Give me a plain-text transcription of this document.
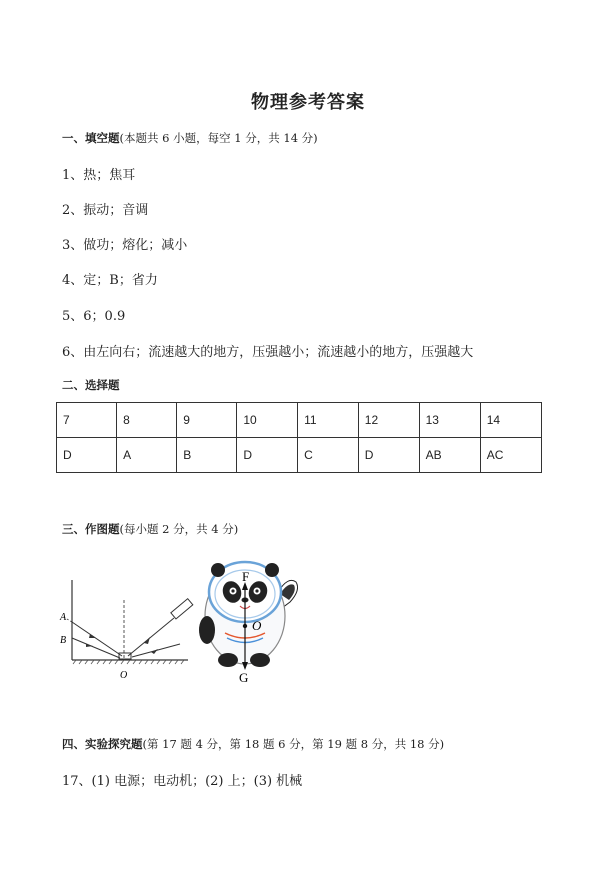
物理参考答案
一、填空题(本题共 6 小题，每空 1 分，共 14 分)
1、热；焦耳
2、振动；音调
3、做功；熔化；减小
4、定；B；省力
5、6；0.9
6、由左向右；流速越大的地方，压强越小；流速越小的地方，压强越大
二、选择题
7	8	9	10	11	12	13	14
D	A	B	D	C	D	AB	AC
三、作图题(每小题 2 分，共 4 分)
A
B
O
F
O
G
四、实验探究题(第 17 题 4 分，第 18 题 6 分，第 19 题 8 分，共 18 分)
17、(1) 电源；电动机；(2) 上；(3) 机械
